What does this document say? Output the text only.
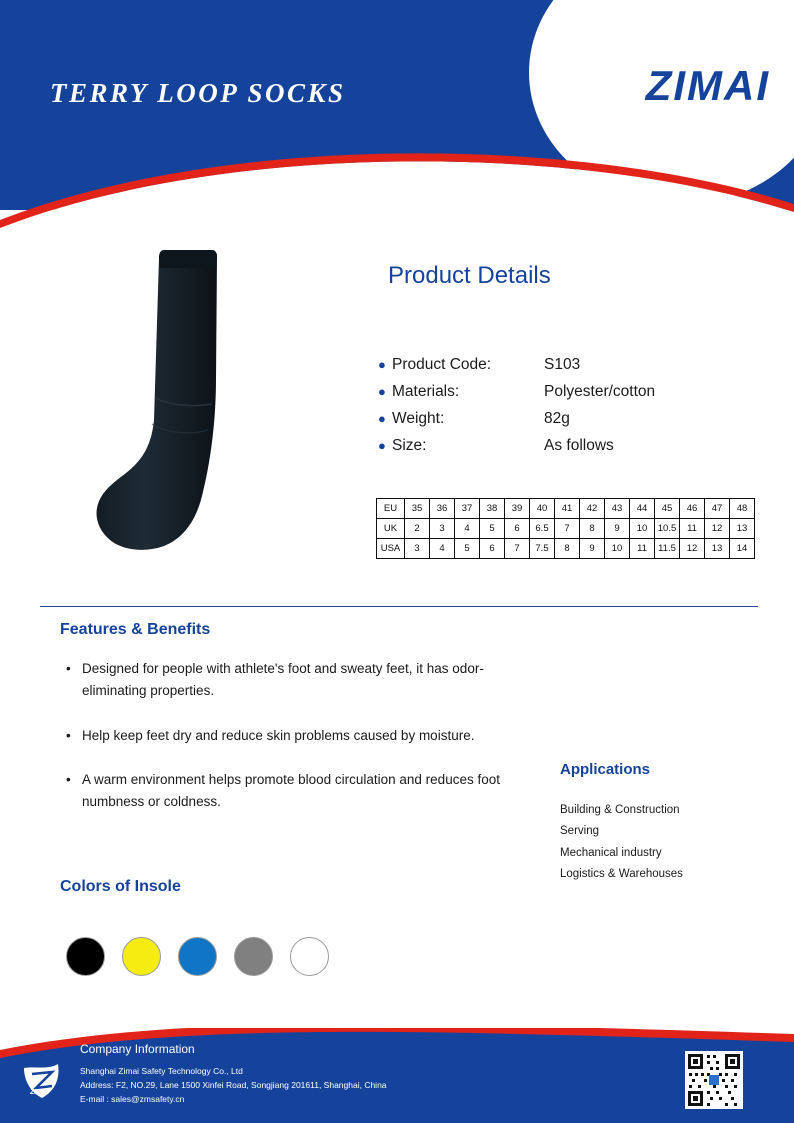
TERRY LOOP SOCKS	ZIMAI
Product Details
● Product Code:	S103
● Materials:	Polyester/cotton
● Weight:	82g
● Size:	As follows
EU	35	36	37	38	39	40	41	42	43	44	45	46	47	48
UK	2	3	4	5	6	6.5	7	8	9	10	10.5	11	12	13
USA	3	4	5	6	7	7.5	8	9	10	11	11.5	12	13	14
Features & Benefits
• Designed for people with athlete's foot and sweaty feet, it has odor-eliminating properties.
• Help keep feet dry and reduce skin problems caused by moisture.
• A warm environment helps promote blood circulation and reduces foot numbness or coldness.
Applications
Building & Construction
Serving
Mechanical industry
Logistics & Warehouses
Colors of Insole
ZIMAI
Company Information
Shanghai Zimai Safety Technology Co., Ltd
Address: F2, NO.29, Lane 1500 Xinfei Road, Songjiang 201611, Shanghai, China
E-mail : sales@zmsafety.cn
